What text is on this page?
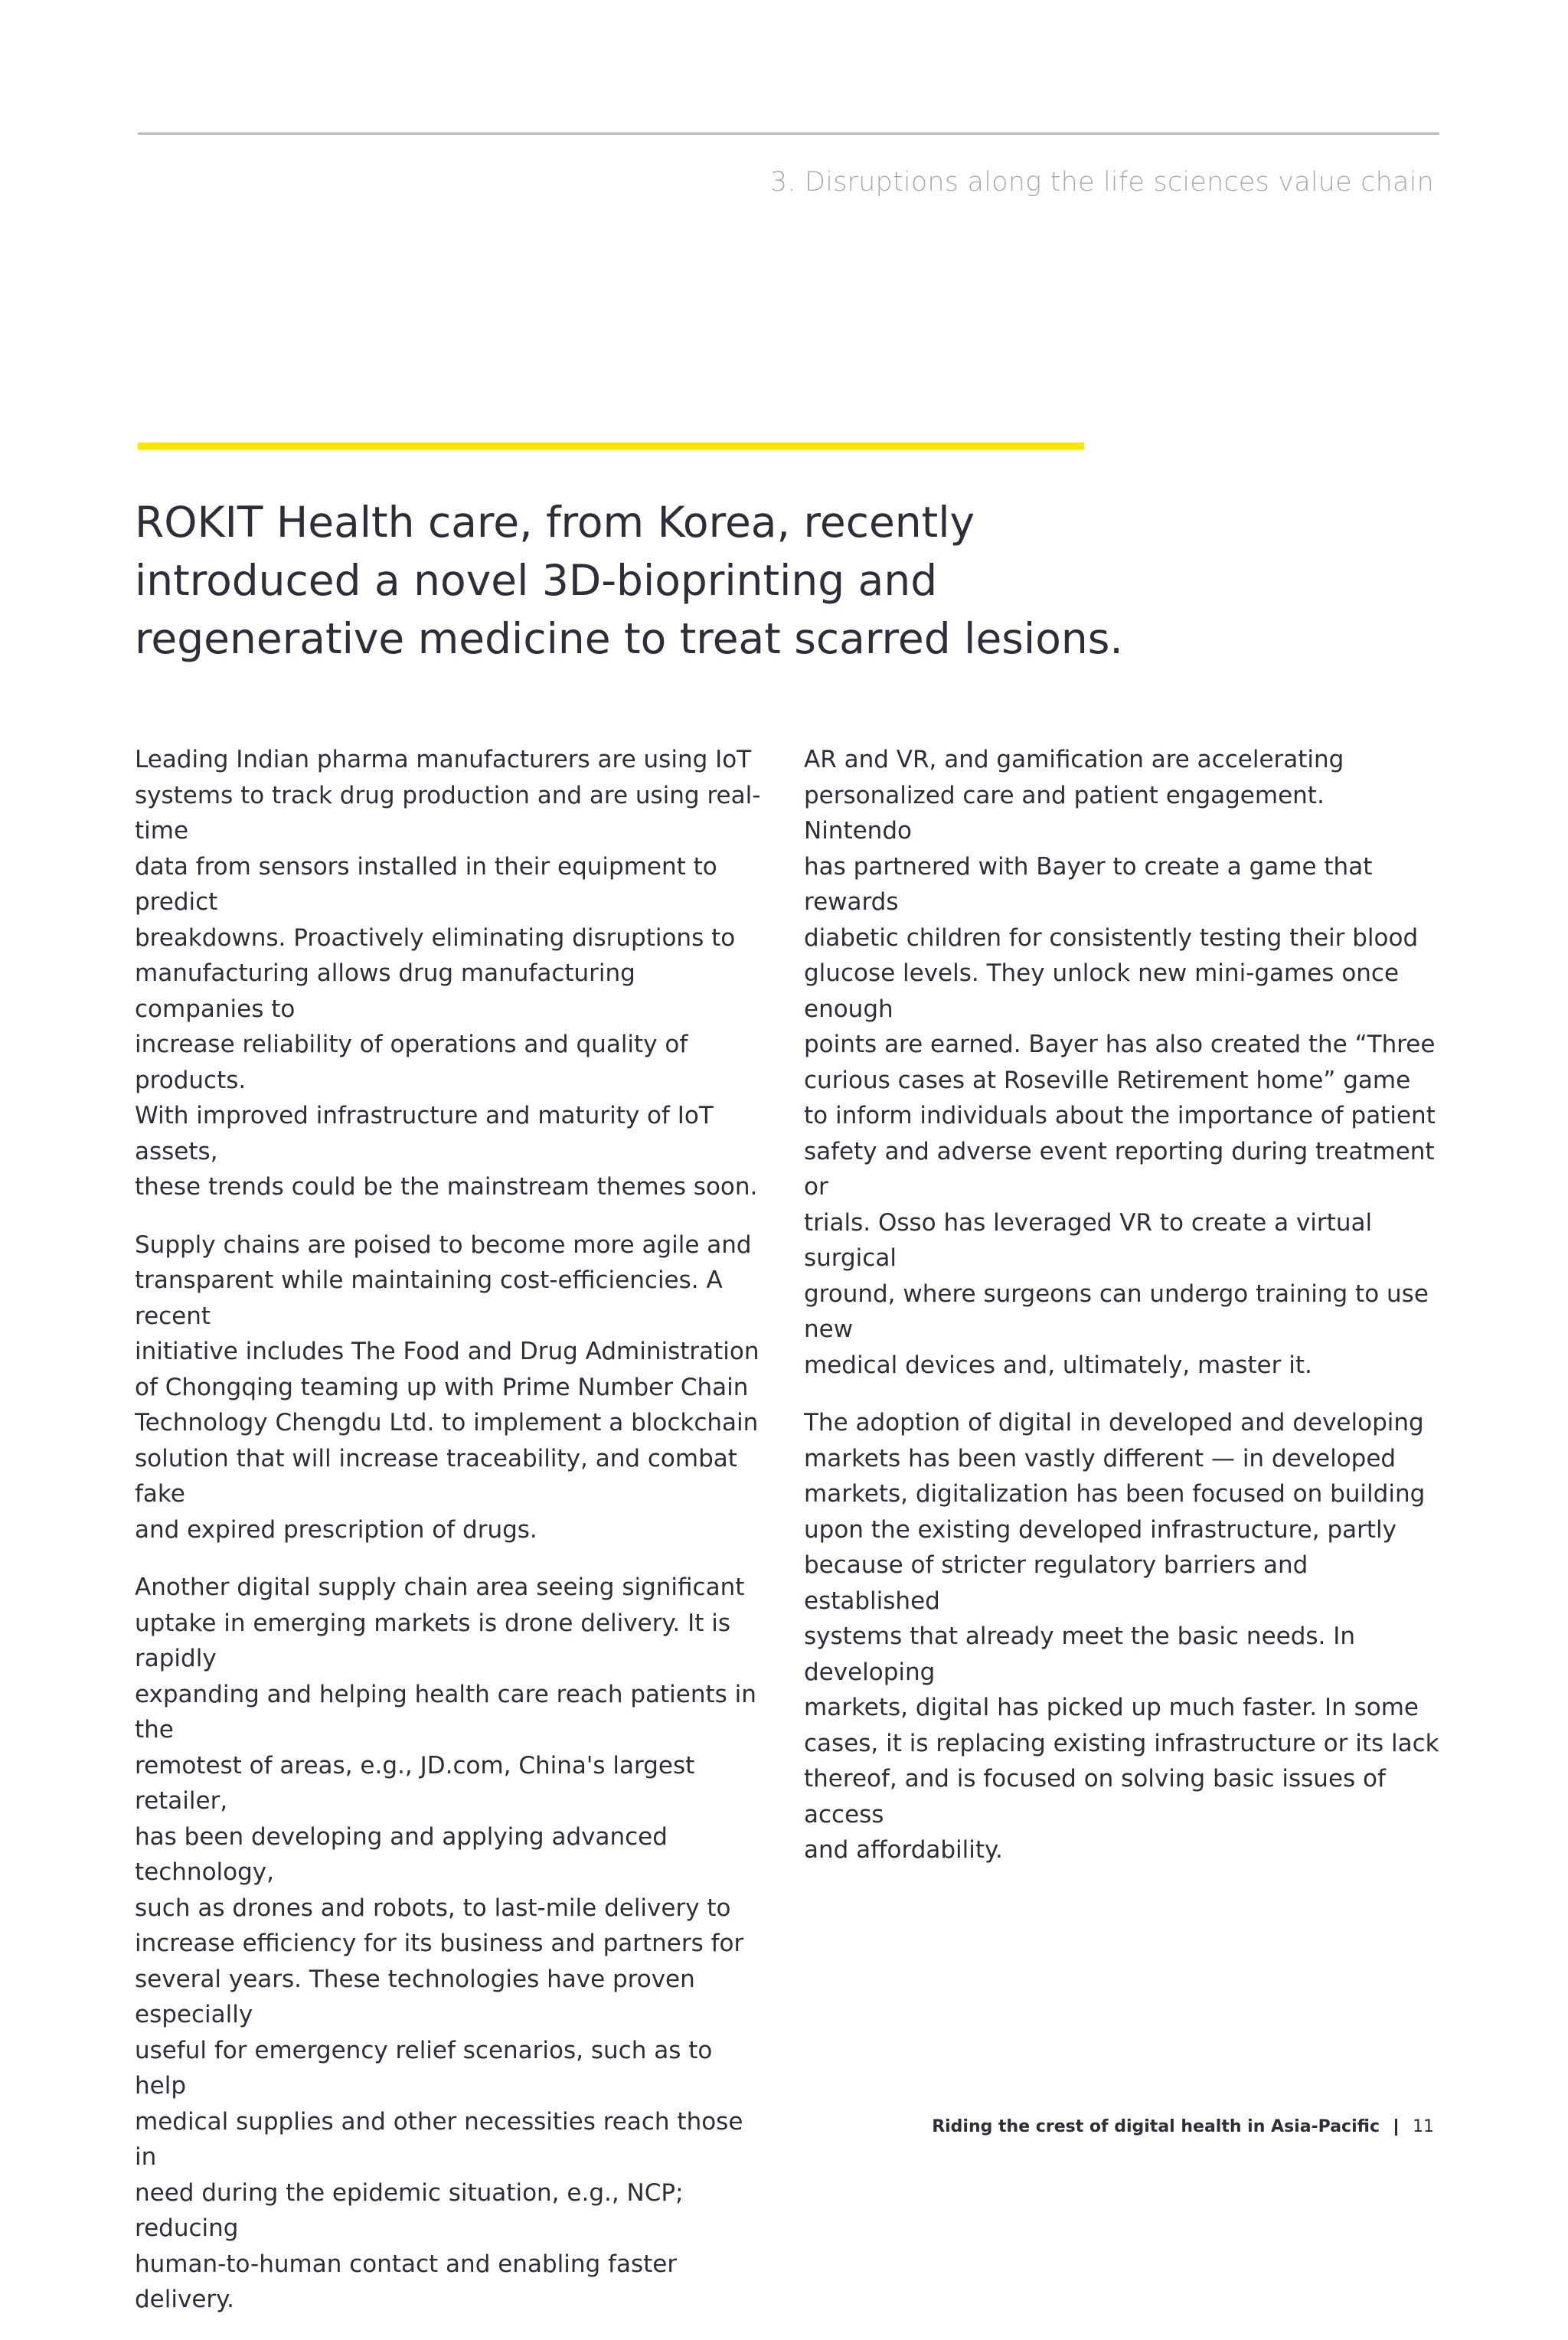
3. Disruptions along the life sciences value chain
ROKIT Health care, from Korea, recently
introduced a novel 3D-bioprinting and
regenerative medicine to treat scarred lesions.

Leading Indian pharma manufacturers are using IoT
systems to track drug production and are using real-time
data from sensors installed in their equipment to predict
breakdowns. Proactively eliminating disruptions to
manufacturing allows drug manufacturing companies to
increase reliability of operations and quality of products.
With improved infrastructure and maturity of IoT assets,
these trends could be the mainstream themes soon.

Supply chains are poised to become more agile and
transparent while maintaining cost-efficiencies. A recent
initiative includes The Food and Drug Administration
of Chongqing teaming up with Prime Number Chain
Technology Chengdu Ltd. to implement a blockchain
solution that will increase traceability, and combat fake
and expired prescription of drugs.

Another digital supply chain area seeing significant
uptake in emerging markets is drone delivery. It is rapidly
expanding and helping health care reach patients in the
remotest of areas, e.g., JD.com, China's largest retailer,
has been developing and applying advanced technology,
such as drones and robots, to last-mile delivery to
increase efficiency for its business and partners for
several years. These technologies have proven especially
useful for emergency relief scenarios, such as to help
medical supplies and other necessities reach those in
need during the epidemic situation, e.g., NCP; reducing
human-to-human contact and enabling faster delivery.

AR and VR, and gamification are accelerating
personalized care and patient engagement. Nintendo
has partnered with Bayer to create a game that rewards
diabetic children for consistently testing their blood
glucose levels. They unlock new mini-games once enough
points are earned. Bayer has also created the “Three
curious cases at Roseville Retirement home” game
to inform individuals about the importance of patient
safety and adverse event reporting during treatment or
trials. Osso has leveraged VR to create a virtual surgical
ground, where surgeons can undergo training to use new
medical devices and, ultimately, master it.

The adoption of digital in developed and developing
markets has been vastly different — in developed
markets, digitalization has been focused on building
upon the existing developed infrastructure, partly
because of stricter regulatory barriers and established
systems that already meet the basic needs. In developing
markets, digital has picked up much faster. In some
cases, it is replacing existing infrastructure or its lack
thereof, and is focused on solving basic issues of access
and affordability.

Riding the crest of digital health in Asia-Pacific 11
